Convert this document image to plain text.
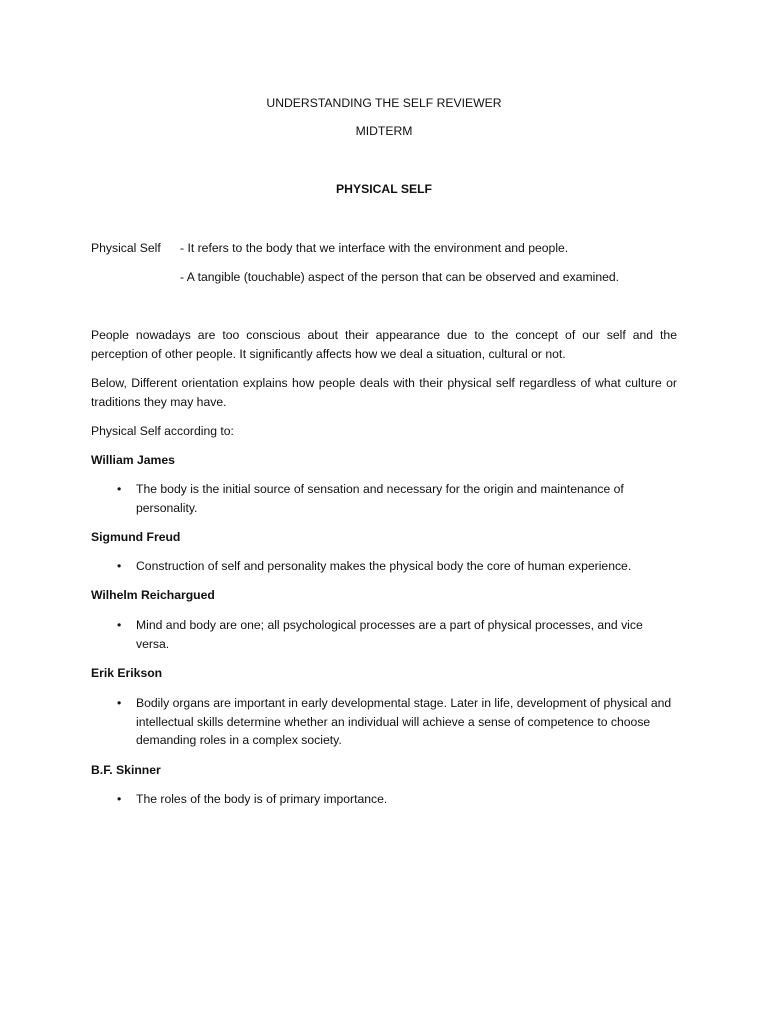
UNDERSTANDING THE SELF REVIEWER
MIDTERM
PHYSICAL SELF
Physical Self - It refers to the body that we interface with the environment and people.
- A tangible (touchable) aspect of the person that can be observed and examined.
People nowadays are too conscious about their appearance due to the concept of our self and the perception of other people. It significantly affects how we deal a situation, cultural or not.
Below, Different orientation explains how people deals with their physical self regardless of what culture or traditions they may have.
Physical Self according to:
William James
• The body is the initial source of sensation and necessary for the origin and maintenance of personality.
Sigmund Freud
• Construction of self and personality makes the physical body the core of human experience.
Wilhelm Reichargued
• Mind and body are one; all psychological processes are a part of physical processes, and vice versa.
Erik Erikson
• Bodily organs are important in early developmental stage. Later in life, development of physical and intellectual skills determine whether an individual will achieve a sense of competence to choose demanding roles in a complex society.
B.F. Skinner
• The roles of the body is of primary importance.
